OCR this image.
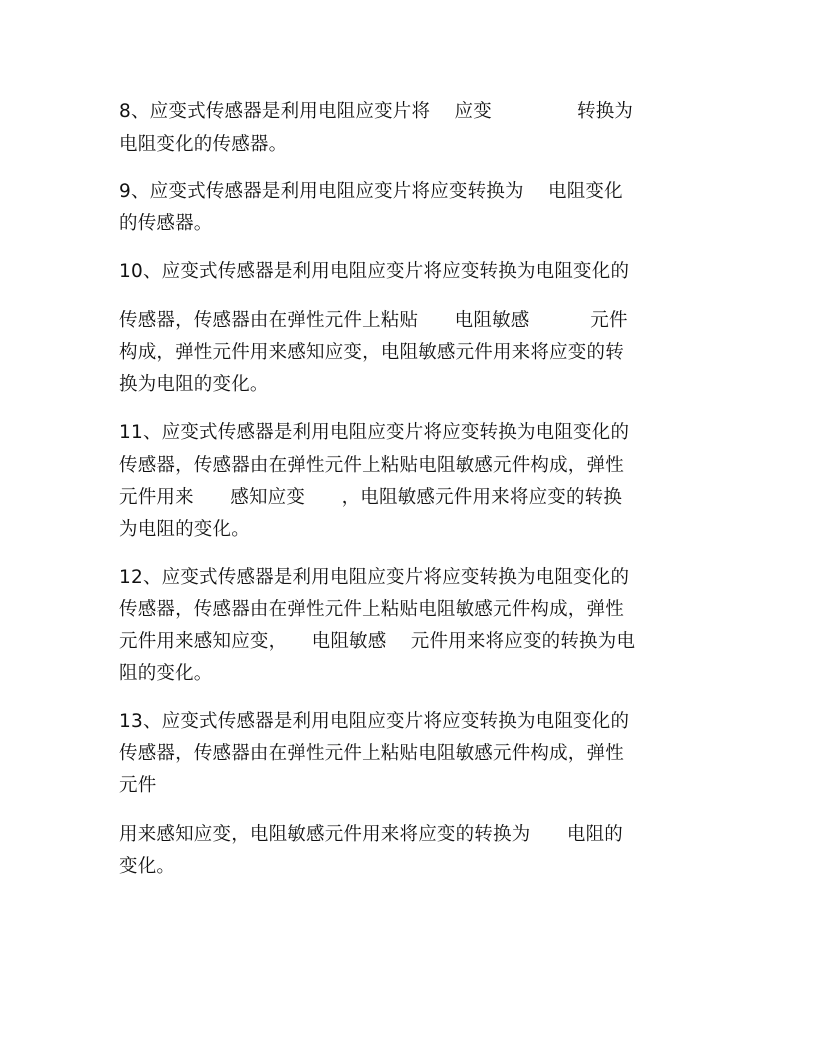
8、应变式传感器是利用电阻应变片将    应变              转换为
电阻变化的传感器。
9、应变式传感器是利用电阻应变片将应变转换为    电阻变化
的传感器。
10、应变式传感器是利用电阻应变片将应变转换为电阻变化的
传感器，传感器由在弹性元件上粘贴      电阻敏感          元件
构成，弹性元件用来感知应变，电阻敏感元件用来将应变的转
换为电阻的变化。
11、应变式传感器是利用电阻应变片将应变转换为电阻变化的
传感器，传感器由在弹性元件上粘贴电阻敏感元件构成，弹性
元件用来      感知应变      ，电阻敏感元件用来将应变的转换
为电阻的变化。
12、应变式传感器是利用电阻应变片将应变转换为电阻变化的
传感器，传感器由在弹性元件上粘贴电阻敏感元件构成，弹性
元件用来感知应变，    电阻敏感    元件用来将应变的转换为电
阻的变化。
13、应变式传感器是利用电阻应变片将应变转换为电阻变化的
传感器，传感器由在弹性元件上粘贴电阻敏感元件构成，弹性
元件
用来感知应变，电阻敏感元件用来将应变的转换为      电阻的
变化。
